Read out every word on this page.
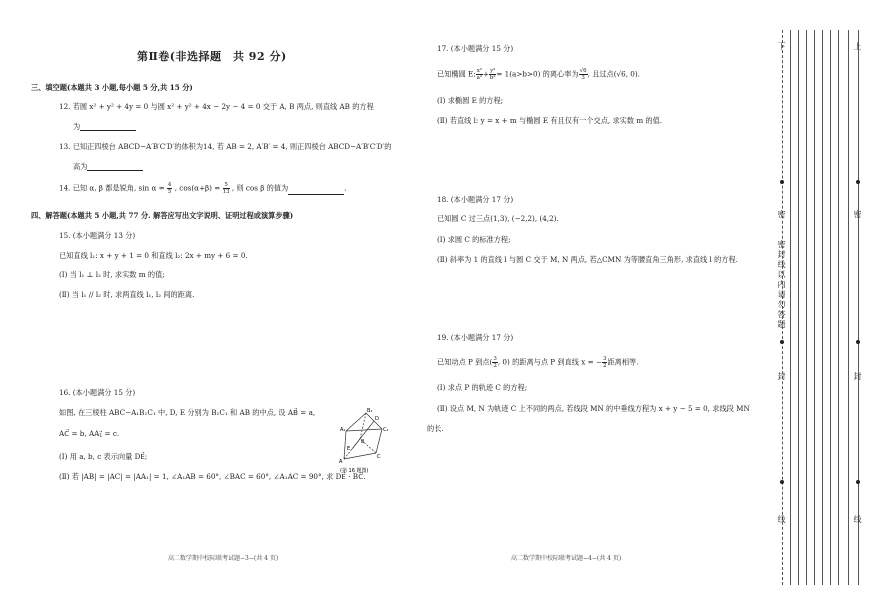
第Ⅱ卷(非选择题　共 92 分)
三、填空题(本题共 3 小题,每小题 5 分,共 15 分)
12. 若圆 x² + y² + 4y = 0 与圆 x² + y² + 4x − 2y − 4 = 0 交于 A, B 两点, 则直线 AB 的方程
为
13. 已知正四棱台 ABCD−A′B′C′D′的体积为14, 若 AB = 2, A′B′ = 4, 则正四棱台 ABCD−A′B′C′D′的
高为
14. 已知 α, β 都是锐角, $\sin \alpha = \frac{4}{5}$ , $\cos(\alpha+\beta) = \frac{5}{13}$ , 则 cos β 的值为	.
四、解答题(本题共 5 小题,共 77 分. 解答应写出文字说明、证明过程或演算步骤)
15. (本小题满分 13 分)
已知直线 l₁: x + y + 1 = 0 和直线 l₂: 2x + my + 6 = 0.
(Ⅰ) 当 l₁ ⊥ l₂ 时, 求实数 m 的值;
(Ⅱ) 当 l₁ // l₂ 时, 求两直线 l₁, l₂ 间的距离.
16. (本小题满分 15 分)
如图, 在三棱柱 ABC−A₁B₁C₁ 中, D, E 分别为 B₁C₁ 和 AB 的中点, 设 AB⃗ = a,
AC⃗ = b, AA₁⃗ = c.
(Ⅰ) 用 a, b, c 表示向量 DE⃗;
(Ⅱ) 若 |AB| = |AC| = |AA₁| = 1, ∠A₁AB = 60°, ∠BAC = 60°, ∠A₁AC = 90°, 求 DE⃗ · BC⃗.
B₁
A₁	C₁
D
B
A
C
E
(第 16 题图)
高二数学期中校际联考试题−3−(共 4 页)
17. (本小题满分 15 分)
已知椭圆 E: $\frac{\text{x²}}{\text{a²}} + \frac{\text{y²}}{\text{b²}} = 1(a>b>0)$ 的离心率为 $\frac{√6}{3}$ , 且过点(√6, 0).
(Ⅰ) 求椭圆 E 的方程;
(Ⅱ) 若直线 l: y = x + m 与椭圆 E 有且仅有一个交点, 求实数 m 的值.
18. (本小题满分 17 分)
已知圆 C 过三点(1,3), (−2,2), (4,2).
(Ⅰ) 求圆 C 的标准方程;
(Ⅱ) 斜率为 1 的直线 l 与圆 C 交于 M, N 两点, 若△CMN 为等腰直角三角形, 求直线 l 的方程.
19. (本小题满分 17 分)
已知动点 P 到点( $\frac{3}{2}$ , 0) 的距离与点 P 到直线 x = − $\frac{3}{2}$ 距离相等.
(Ⅰ) 求点 P 的轨迹 C 的方程;
(Ⅱ) 设点 M, N 为轨迹 C 上不同的两点, 若线段 MN 的中垂线方程为 x + y − 5 = 0, 求线段 MN
的长.
高二数学期中校际联考试题−4−(共 4 页)
下
密
封
线
上
密
封
线
密封线以内请勿答题
